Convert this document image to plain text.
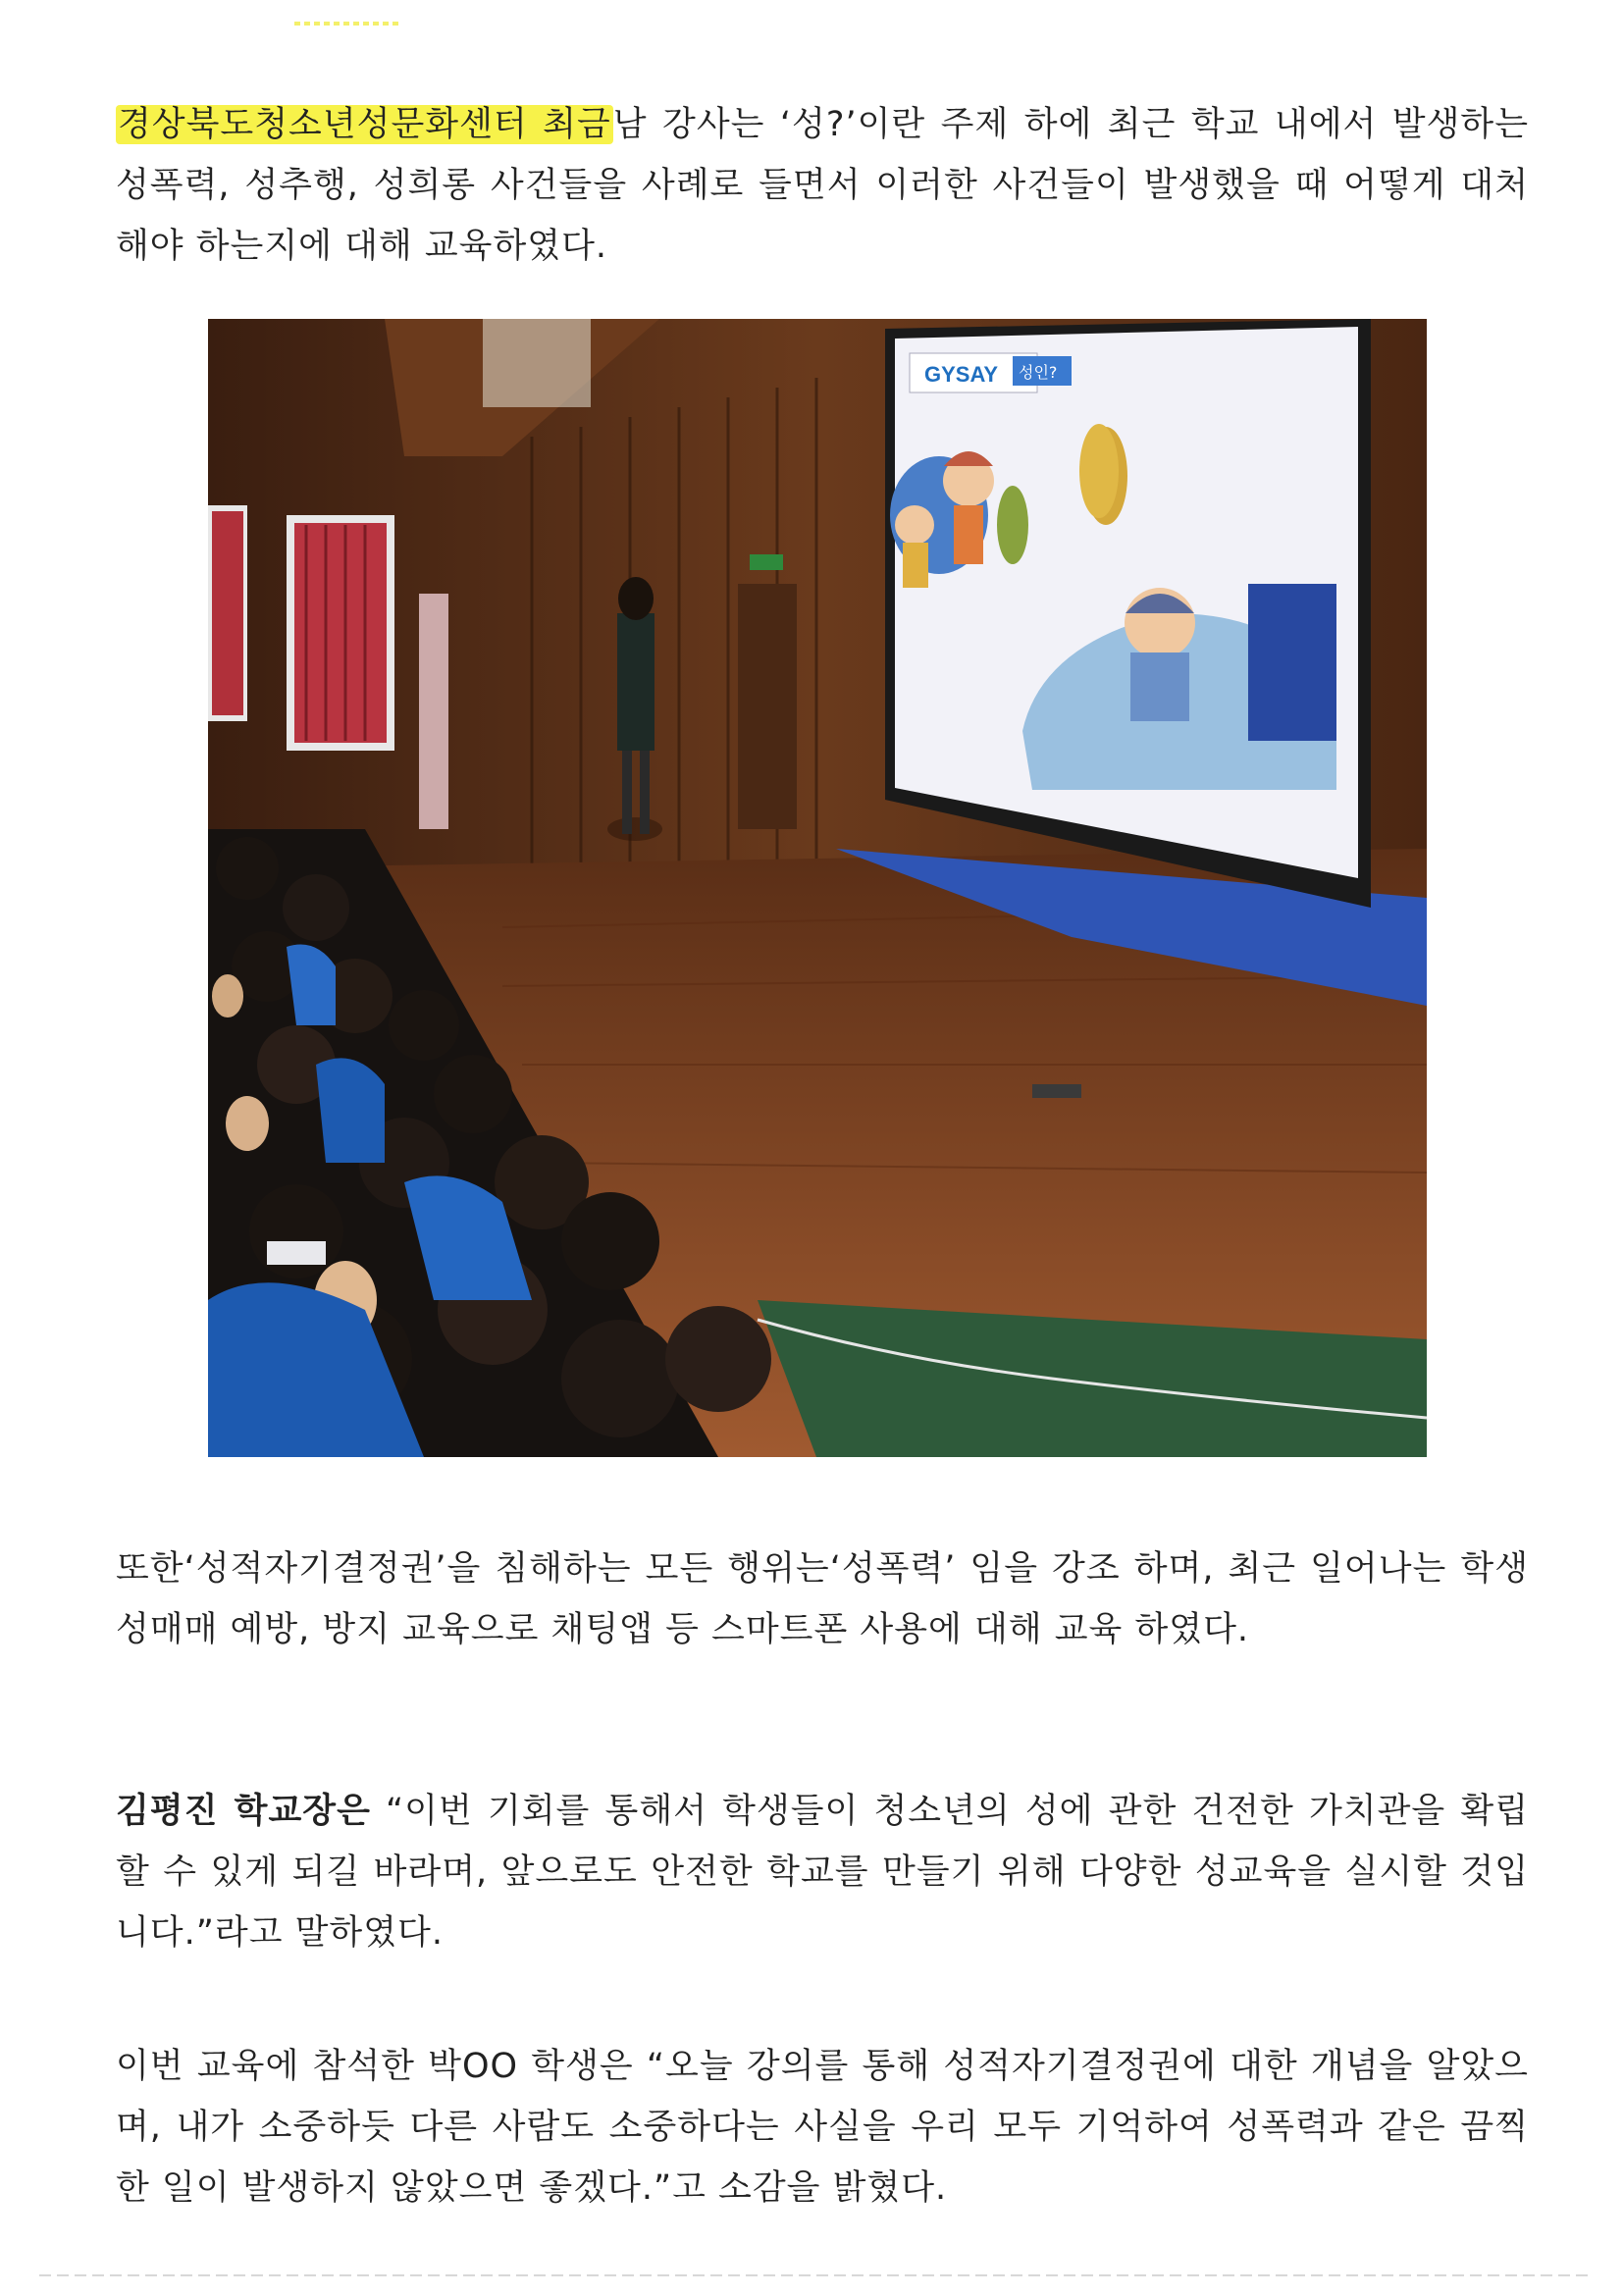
경상북도청소년성문화센터 최금남 강사는 ‘성?’이란 주제 하에 최근 학교 내에서 발생하는 성폭력, 성추행, 성희롱 사건들을 사례로 들면서 이러한 사건들이 발생했을 때 어떻게 대처해야 하는지에 대해 교육하였다.

GYSAY 성인?

또한‘성적자기결정권’을 침해하는 모든 행위는‘성폭력’ 임을 강조 하며, 최근 일어나는 학생 성매매 예방, 방지 교육으로 채팅앱 등 스마트폰 사용에 대해 교육 하였다.

김평진 학교장은 “이번 기회를 통해서 학생들이 청소년의 성에 관한 건전한 가치관을 확립할 수 있게 되길 바라며, 앞으로도 안전한 학교를 만들기 위해 다양한 성교육을 실시할 것입니다.”라고 말하였다.

이번 교육에 참석한 박OO 학생은 “오늘 강의를 통해 성적자기결정권에 대한 개념을 알았으며, 내가 소중하듯 다른 사람도 소중하다는 사실을 우리 모두 기억하여 성폭력과 같은 끔찍한 일이 발생하지 않았으면 좋겠다.”고 소감을 밝혔다.
